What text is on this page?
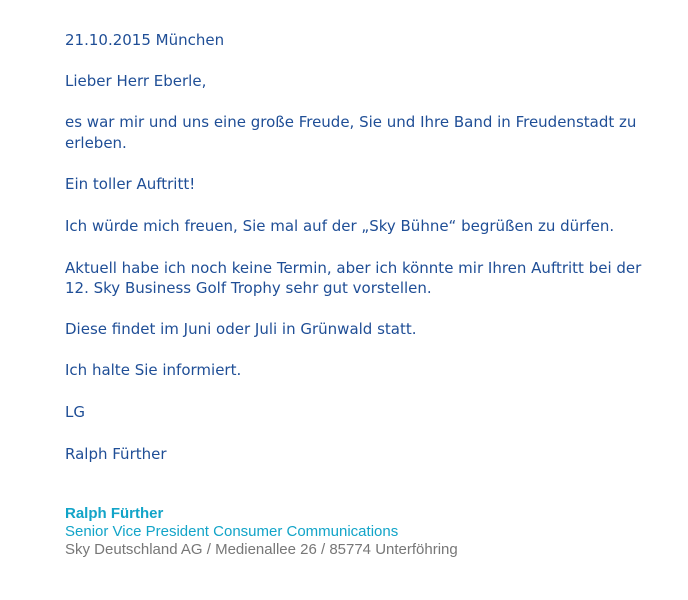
21.10.2015 München
Lieber Herr Eberle,
es war mir und uns eine große Freude, Sie und Ihre Band in Freudenstadt zu
erleben.
Ein toller Auftritt!
Ich würde mich freuen, Sie mal auf der „Sky Bühne“ begrüßen zu dürfen.
Aktuell habe ich noch keine Termin, aber ich könnte mir Ihren Auftritt bei der
12. Sky Business Golf Trophy sehr gut vorstellen.
Diese findet im Juni oder Juli in Grünwald statt.
Ich halte Sie informiert.
LG
Ralph Fürther
Ralph Fürther
Senior Vice President Consumer Communications
Sky Deutschland AG / Medienallee 26 / 85774 Unterföhring
